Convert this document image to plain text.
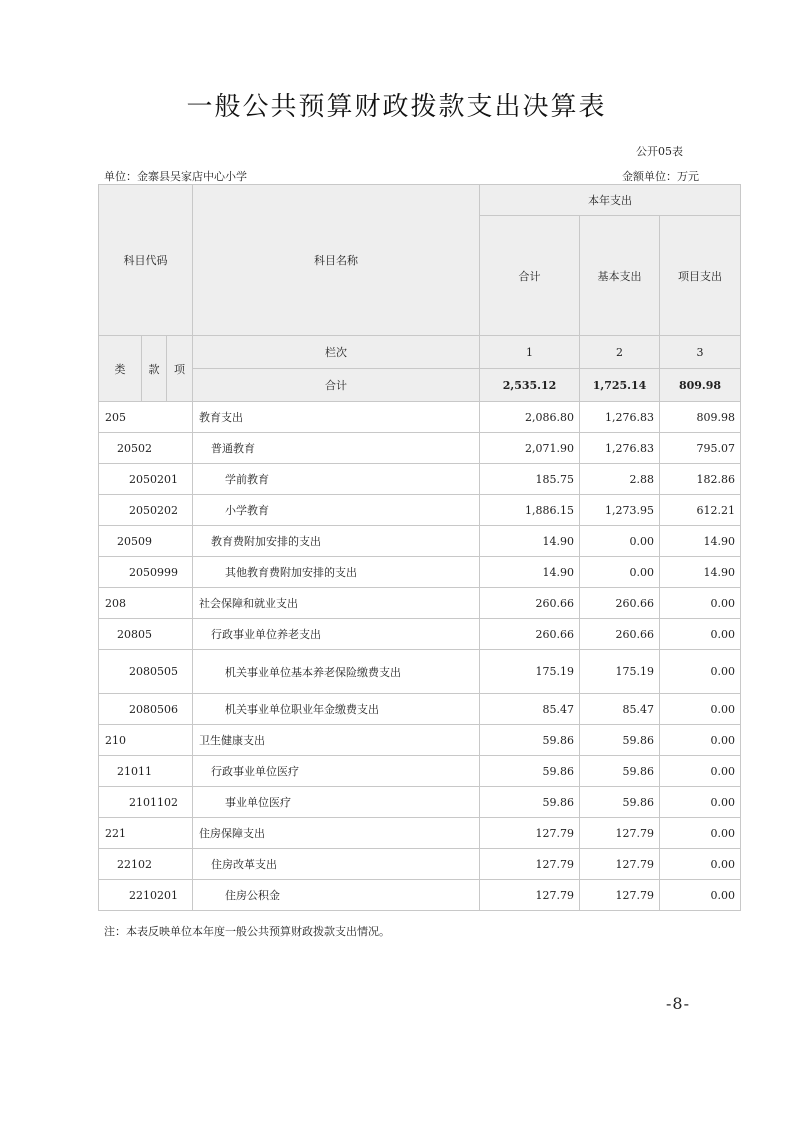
一般公共预算财政拨款支出决算表
公开05表
单位：金寨县吴家店中心小学	金额单位：万元
科目代码			科目名称	本年支出		
				合计	基本支出	项目支出

类	款	项	栏次	1	2	3
			合计	2,535.12	1,725.14	809.98
205			教育支出	2,086.80	1,276.83	809.98
20502			普通教育	2,071.90	1,276.83	795.07
2050201			学前教育	185.75	2.88	182.86
2050202			小学教育	1,886.15	1,273.95	612.21
20509			教育费附加安排的支出	14.90	0.00	14.90
2050999			其他教育费附加安排的支出	14.90	0.00	14.90
208			社会保障和就业支出	260.66	260.66	0.00
20805			行政事业单位养老支出	260.66	260.66	0.00
2080505			机关事业单位基本养老保险缴费支出	175.19	175.19	0.00
2080506			机关事业单位职业年金缴费支出	85.47	85.47	0.00
210			卫生健康支出	59.86	59.86	0.00
21011			行政事业单位医疗	59.86	59.86	0.00
2101102			事业单位医疗	59.86	59.86	0.00
221			住房保障支出	127.79	127.79	0.00
22102			住房改革支出	127.79	127.79	0.00
2210201			住房公积金	127.79	127.79	0.00
注：本表反映单位本年度一般公共预算财政拨款支出情况。
-8-
